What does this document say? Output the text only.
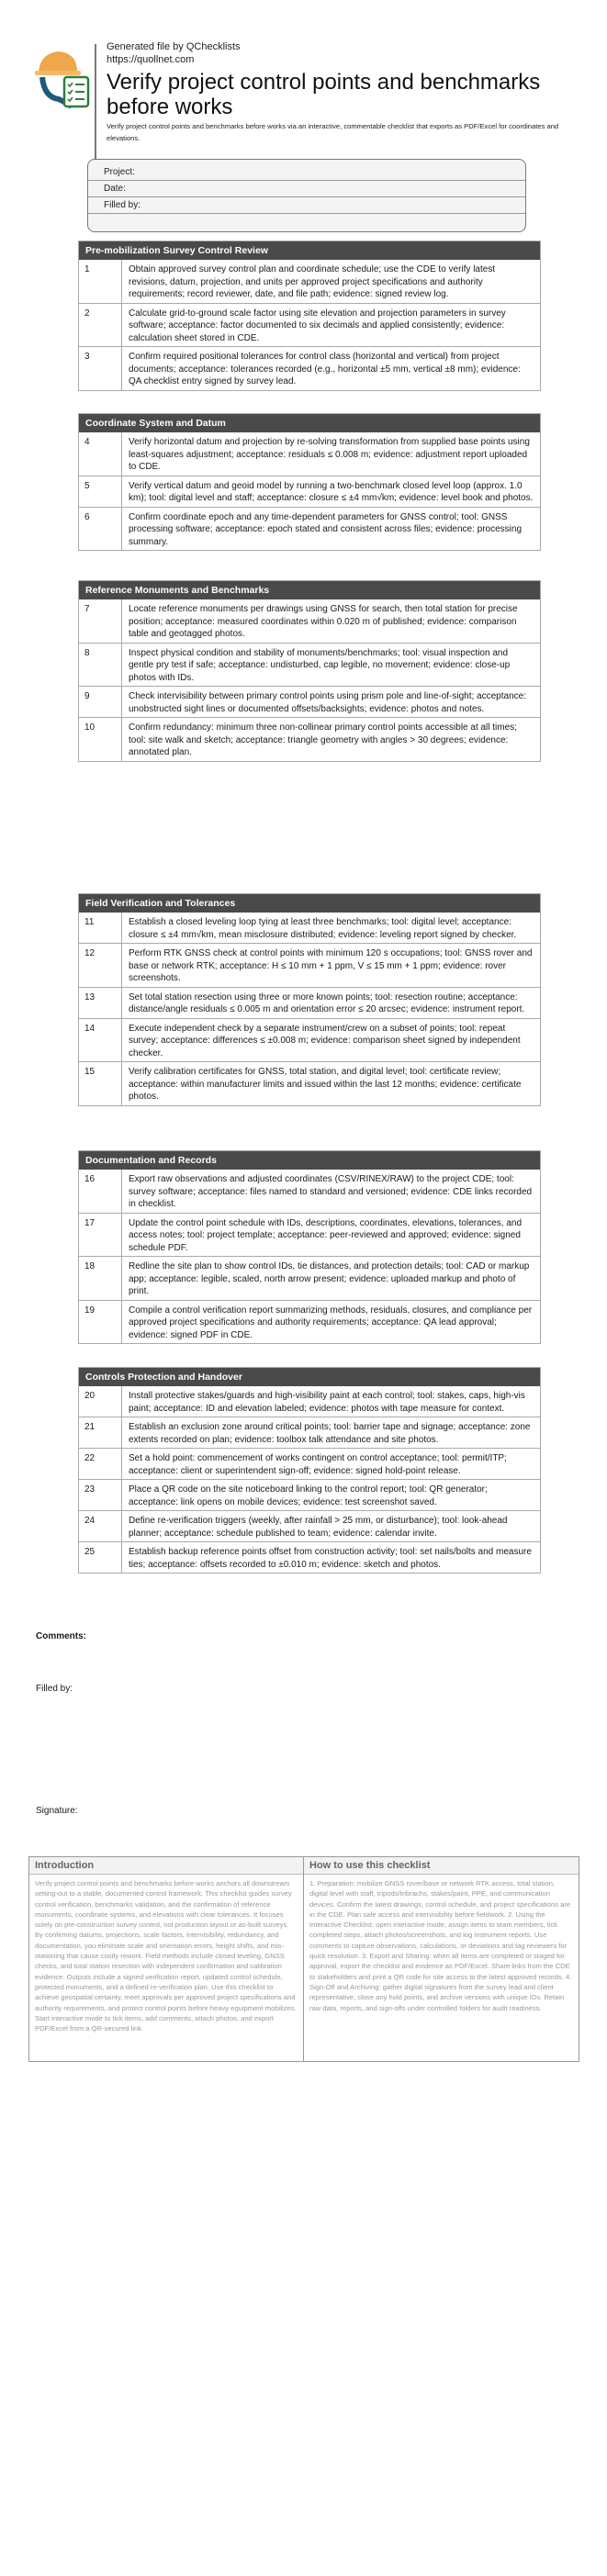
Generated file by QChecklists
https://quollnet.com
Verify project control points and benchmarks before works
Verify project control points and benchmarks before works via an interactive, commentable checklist that exports as PDF/Excel for coordinates and elevations.
Project:
Date:
Filled by:
Pre-mobilization Survey Control Review
1	Obtain approved survey control plan and coordinate schedule; use the CDE to verify latest revisions, datum, projection, and units per approved project specifications and authority requirements; record reviewer, date, and file path; evidence: signed review log.
2	Calculate grid-to-ground scale factor using site elevation and projection parameters in survey software; acceptance: factor documented to six decimals and applied consistently; evidence: calculation sheet stored in CDE.
3	Confirm required positional tolerances for control class (horizontal and vertical) from project documents; acceptance: tolerances recorded (e.g., horizontal ±5 mm, vertical ±8 mm); evidence: QA checklist entry signed by survey lead.
Coordinate System and Datum
4	Verify horizontal datum and projection by re-solving transformation from supplied base points using least-squares adjustment; acceptance: residuals ≤ 0.008 m; evidence: adjustment report uploaded to CDE.
5	Verify vertical datum and geoid model by running a two-benchmark closed level loop (approx. 1.0 km); tool: digital level and staff; acceptance: closure ≤ ±4 mm√km; evidence: level book and photos.
6	Confirm coordinate epoch and any time-dependent parameters for GNSS control; tool: GNSS processing software; acceptance: epoch stated and consistent across files; evidence: processing summary.
Reference Monuments and Benchmarks
7	Locate reference monuments per drawings using GNSS for search, then total station for precise position; acceptance: measured coordinates within 0.020 m of published; evidence: comparison table and geotagged photos.
8	Inspect physical condition and stability of monuments/benchmarks; tool: visual inspection and gentle pry test if safe; acceptance: undisturbed, cap legible, no movement; evidence: close-up photos with IDs.
9	Check intervisibility between primary control points using prism pole and line-of-sight; acceptance: unobstructed sight lines or documented offsets/backsights; evidence: photos and notes.
10	Confirm redundancy: minimum three non-collinear primary control points accessible at all times; tool: site walk and sketch; acceptance: triangle geometry with angles > 30 degrees; evidence: annotated plan.
Field Verification and Tolerances
11	Establish a closed leveling loop tying at least three benchmarks; tool: digital level; acceptance: closure ≤ ±4 mm√km, mean misclosure distributed; evidence: leveling report signed by checker.
12	Perform RTK GNSS check at control points with minimum 120 s occupations; tool: GNSS rover and base or network RTK; acceptance: H ≤ 10 mm + 1 ppm, V ≤ 15 mm + 1 ppm; evidence: rover screenshots.
13	Set total station resection using three or more known points; tool: resection routine; acceptance: distance/angle residuals ≤ 0.005 m and orientation error ≤ 20 arcsec; evidence: instrument report.
14	Execute independent check by a separate instrument/crew on a subset of points; tool: repeat survey; acceptance: differences ≤ ±0.008 m; evidence: comparison sheet signed by independent checker.
15	Verify calibration certificates for GNSS, total station, and digital level; tool: certificate review; acceptance: within manufacturer limits and issued within the last 12 months; evidence: certificate photos.
Documentation and Records
16	Export raw observations and adjusted coordinates (CSV/RINEX/RAW) to the project CDE; tool: survey software; acceptance: files named to standard and versioned; evidence: CDE links recorded in checklist.
17	Update the control point schedule with IDs, descriptions, coordinates, elevations, tolerances, and access notes; tool: project template; acceptance: peer-reviewed and approved; evidence: signed schedule PDF.
18	Redline the site plan to show control IDs, tie distances, and protection details; tool: CAD or markup app; acceptance: legible, scaled, north arrow present; evidence: uploaded markup and photo of print.
19	Compile a control verification report summarizing methods, residuals, closures, and compliance per approved project specifications and authority requirements; acceptance: QA lead approval; evidence: signed PDF in CDE.
Controls Protection and Handover
20	Install protective stakes/guards and high-visibility paint at each control; tool: stakes, caps, high-vis paint; acceptance: ID and elevation labeled; evidence: photos with tape measure for context.
21	Establish an exclusion zone around critical points; tool: barrier tape and signage; acceptance: zone extents recorded on plan; evidence: toolbox talk attendance and site photos.
22	Set a hold point: commencement of works contingent on control acceptance; tool: permit/ITP; acceptance: client or superintendent sign-off; evidence: signed hold-point release.
23	Place a QR code on the site noticeboard linking to the control report; tool: QR generator; acceptance: link opens on mobile devices; evidence: test screenshot saved.
24	Define re-verification triggers (weekly, after rainfall > 25 mm, or disturbance); tool: look-ahead planner; acceptance: schedule published to team; evidence: calendar invite.
25	Establish backup reference points offset from construction activity; tool: set nails/bolts and measure ties; acceptance: offsets recorded to ±0.010 m; evidence: sketch and photos.
Comments:
Filled by:
Signature:
Introduction
Verify project control points and benchmarks before works anchors all downstream setting-out to a stable, documented control framework. This checklist guides survey control verification, benchmarks validation, and the confirmation of reference monuments, coordinate systems, and elevations with clear tolerances. It focuses solely on pre-construction survey control, not production layout or as-built surveys. By confirming datums, projections, scale factors, intervisibility, redundancy, and documentation, you eliminate scale and orientation errors, height shifts, and mis-stationing that cause costly rework. Field methods include closed leveling, GNSS checks, and total station resection with independent confirmation and calibration evidence. Outputs include a signed verification report, updated control schedule, protected monuments, and a defined re-verification plan. Use this checklist to achieve geospatial certainty, meet approvals per approved project specifications and authority requirements, and protect control points before heavy equipment mobilizes. Start interactive mode to tick items, add comments, attach photos, and export PDF/Excel from a QR-secured link.
How to use this checklist
1. Preparation: mobilize GNSS rover/base or network RTK access, total station, digital level with staff, tripods/tribrachs, stakes/paint, PPE, and communication devices. Confirm the latest drawings, control schedule, and project specifications are in the CDE. Plan safe access and intervisibility before fieldwork. 2. Using the Interactive Checklist: open interactive mode, assign items to team members, tick completed steps, attach photos/screenshots, and log instrument reports. Use comments to capture observations, calculations, or deviations and tag reviewers for quick resolution. 3. Export and Sharing: when all items are completed or staged for approval, export the checklist and evidence as PDF/Excel. Share links from the CDE to stakeholders and print a QR code for site access to the latest approved records. 4. Sign-Off and Archiving: gather digital signatures from the survey lead and client representative, close any hold points, and archive versions with unique IDs. Retain raw data, reports, and sign-offs under controlled folders for audit readiness.
